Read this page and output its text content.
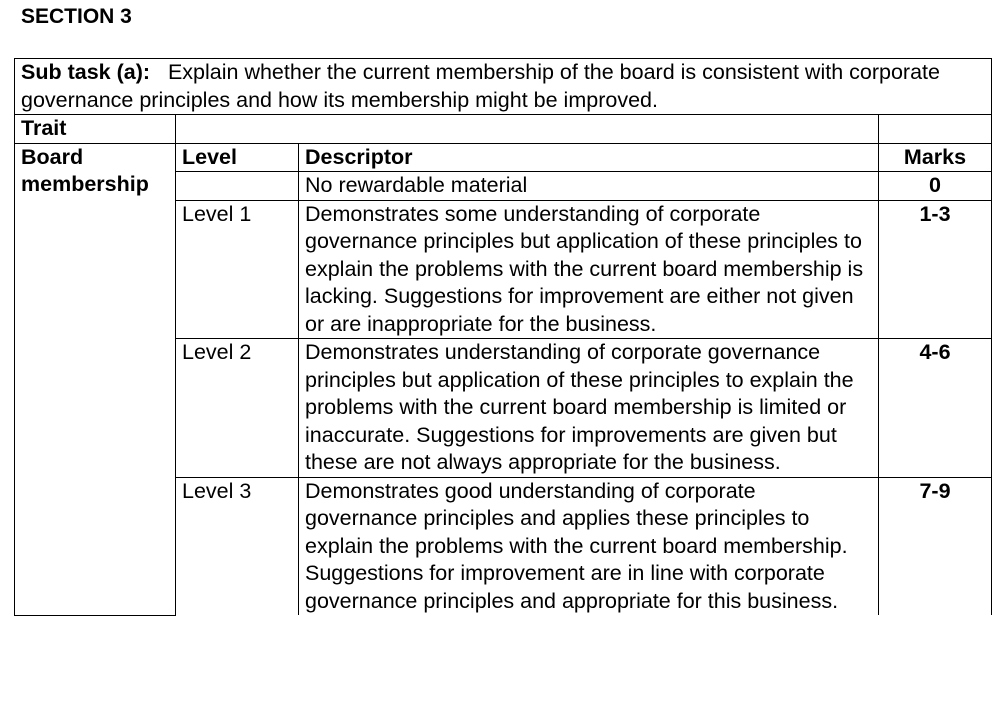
SECTION 3
Sub task (a): Explain whether the current membership of the board is consistent with corporate governance principles and how its membership might be improved.			
Trait			
Board membership	Level	Descriptor	Marks
		No rewardable material	0
	Level 1	Demonstrates some understanding of corporate governance principles but application of these principles to explain the problems with the current board membership is lacking. Suggestions for improvement are either not given or are inappropriate for the business.	1-3
	Level 2	Demonstrates understanding of corporate governance principles but application of these principles to explain the problems with the current board membership is limited or inaccurate. Suggestions for improvements are given but these are not always appropriate for the business.	4-6
	Level 3	Demonstrates good understanding of corporate governance principles and applies these principles to explain the problems with the current board membership. Suggestions for improvement are in line with corporate governance principles and appropriate for this business.	7-9
